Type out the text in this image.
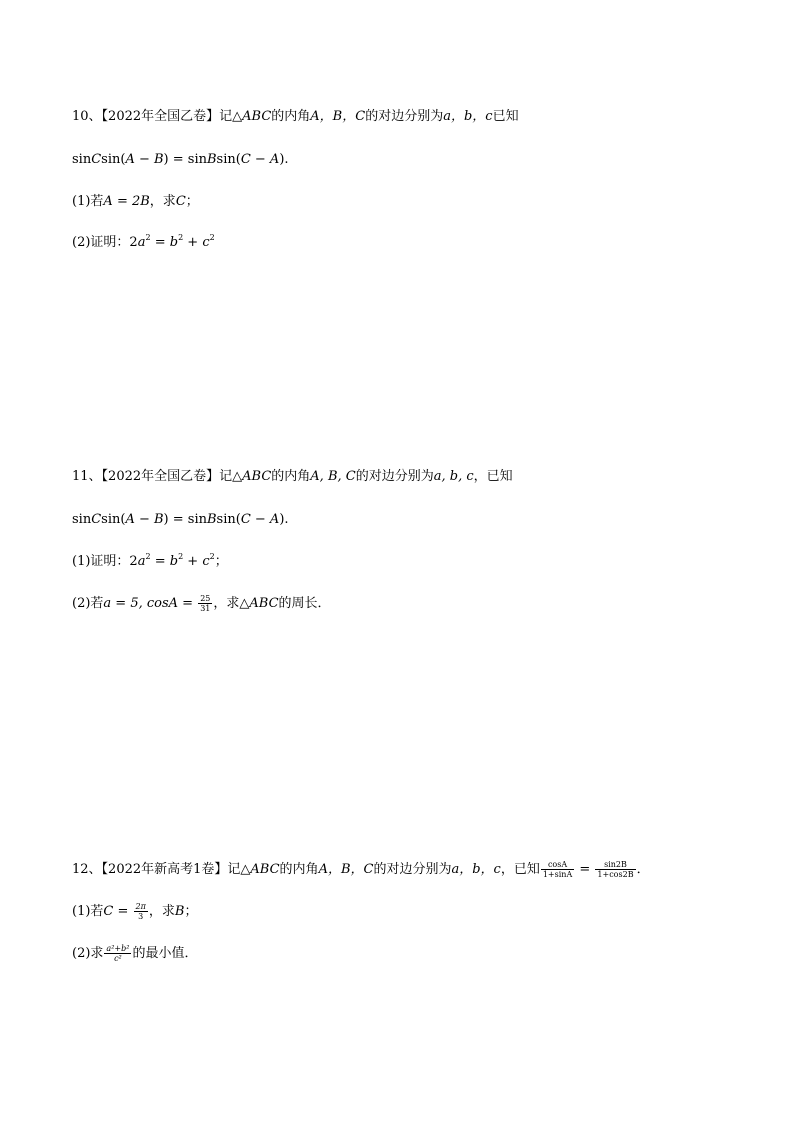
10、【2022年全国乙卷】记△ABC的内角A，B，C的对边分别为a，b，c已知
sinCsin(A − B) = sinBsin(C − A).
(1)若A = 2B，求C；
(2)证明：$2a^2 = b^2 + c^2$
11、【2022年全国乙卷】记△ABC的内角A, B, C的对边分别为a, b, c，已知
sinCsin(A − B) = sinBsin(C − A).
(1)证明：$2a^2 = b^2 + c^2$；
(2)若a = 5, $\cos A = \frac{25}{31}$ ，求△ABC的周长．
12、【2022年新高考1卷】记△ABC的内角A，B，C的对边分别为a，b，c，已知 $\frac{\cos A}{1+\sin A} = \frac{\sin 2B}{1+\cos 2B}$ ．
(1)若$C = \frac{2\pi}{3}$ ，求B；
(2)求 $\frac{\text{a²+b²}}{\text{c²}}$ 的最小值．
